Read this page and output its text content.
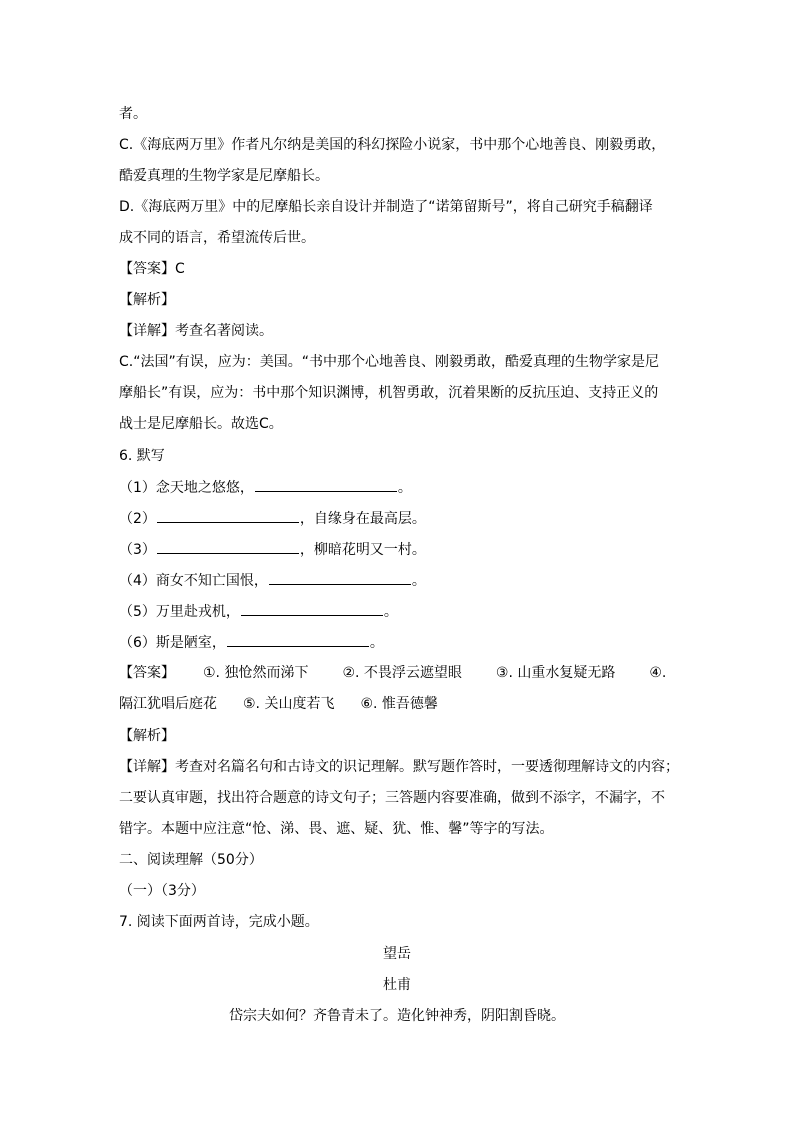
者。
C.《海底两万里》作者凡尔纳是美国的科幻探险小说家，书中那个心地善良、刚毅勇敢，
酷爱真理的生物学家是尼摩船长。
D.《海底两万里》中的尼摩船长亲自设计并制造了“诺第留斯号”，将自己研究手稿翻译
成不同的语言，希望流传后世。
【答案】C
【解析】
【详解】考查名著阅读。
C.“法国”有误，应为：美国。“书中那个心地善良、刚毅勇敢，酷爱真理的生物学家是尼
摩船长”有误，应为：书中那个知识渊博，机智勇敢，沉着果断的反抗压迫、支持正义的
战士是尼摩船长。故选C。
6. 默写
（1）念天地之悠悠，	。
（2）	，自缘身在最高层。
（3）	，柳暗花明又一村。
（4）商女不知亡国恨，	。
（5）万里赴戎机，	。
（6）斯是陋室，	。
【答案】 ①. 独怆然而涕下 ②. 不畏浮云遮望眼 ③. 山重水复疑无路 ④.
隔江犹唱后庭花 ⑤. 关山度若飞 ⑥. 惟吾德馨
【解析】
【详解】考查对名篇名句和古诗文的识记理解。默写题作答时，一要透彻理解诗文的内容；
二要认真审题，找出符合题意的诗文句子；三答题内容要准确，做到不添字，不漏字，不
错字。本题中应注意“怆、涕、畏、遮、疑、犹、惟、馨”等字的写法。
二、阅读理解（50分）
（一）（3分）
7. 阅读下面两首诗，完成小题。
望岳
杜甫
岱宗夫如何？齐鲁青未了。造化钟神秀，阴阳割昏晓。
